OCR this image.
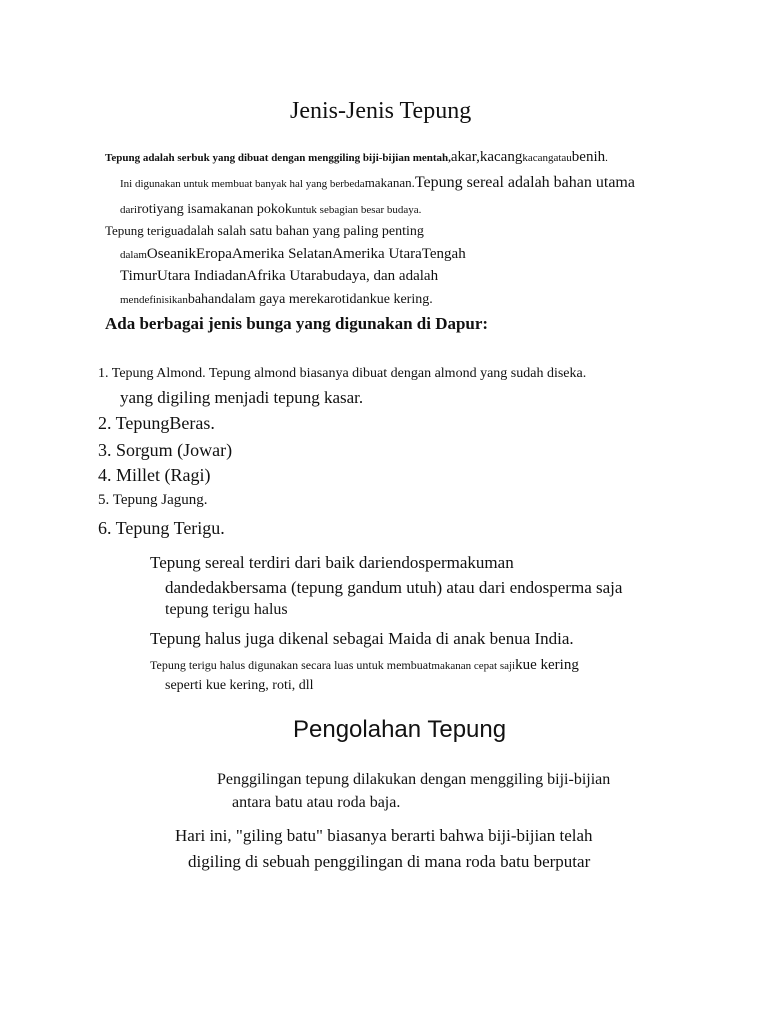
Jenis-Jenis Tepung
Tepung adalah serbuk yang dibuat dengan menggiling biji-bijian mentah,akar,kacangkacangataubenih.
Ini digunakan untuk membuat banyak hal yang berbedamakanan.Tepung sereal adalah bahan utama
darirotiyang isamakanan pokokuntuk sebagian besar budaya.
Tepung teriguadalah salah satu bahan yang paling penting
dalamOseanikEropaAmerika SelatanAmerika UtaraTengah
TimurUtara IndiadanAfrika Utarabudaya, dan adalah
mendefinisikanbahandalam gaya merekarotidankue kering.
Ada berbagai jenis bunga yang digunakan di Dapur:
1. Tepung Almond. Tepung almond biasanya dibuat dengan almond yang sudah diseka.
yang digiling menjadi tepung kasar.
2. TepungBeras.
3. Sorgum (Jowar)
4. Millet (Ragi)
5. Tepung Jagung.
6. Tepung Terigu.
Tepung sereal terdiri dari baik dariendospermakuman
dandedakbersama (tepung gandum utuh) atau dari endosperma saja
tepung terigu halus
Tepung halus juga dikenal sebagai Maida di anak benua India.
Tepung terigu halus digunakan secara luas untuk membuatmakanan cepat sajikue kering
seperti kue kering, roti, dll
Pengolahan Tepung
Penggilingan tepung dilakukan dengan menggiling biji-bijian
antara batu atau roda baja.
Hari ini, "giling batu" biasanya berarti bahwa biji-bijian telah
digiling di sebuah penggilingan di mana roda batu berputar
